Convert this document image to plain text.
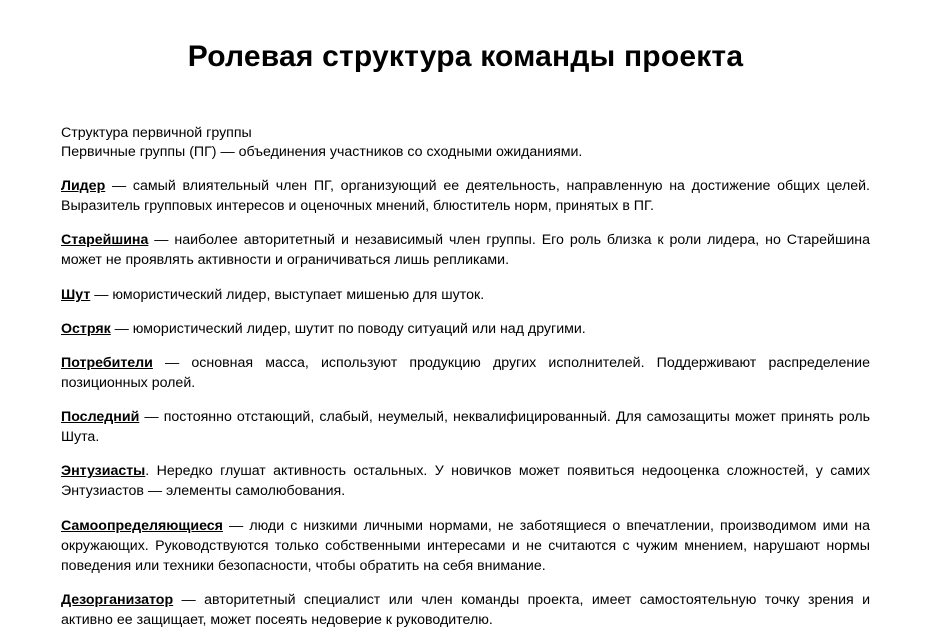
Ролевая структура команды проекта
Структура первичной группы
Первичные группы (ПГ) — объединения участников со сходными ожиданиями.

Лидер — самый влиятельный член ПГ, организующий ее деятельность, направленную на достижение общих целей. Выразитель групповых интересов и оценочных мнений, блюститель норм, принятых в ПГ.

Старейшина — наиболее авторитетный и независимый член группы. Его роль близка к роли лидера, но Старейшина может не проявлять активности и ограничиваться лишь репликами.

Шут — юмористический лидер, выступает мишенью для шуток.

Остряк — юмористический лидер, шутит по поводу ситуаций или над другими.

Потребители — основная масса, используют продукцию других исполнителей. Поддерживают распределение позиционных ролей.

Последний — постоянно отстающий, слабый, неумелый, неквалифицированный. Для самозащиты может принять роль Шута.

Энтузиасты. Нередко глушат активность остальных. У новичков может появиться недооценка сложностей, у самих Энтузиастов — элементы самолюбования.

Самоопределяющиеся — люди с низкими личными нормами, не заботящиеся о впечатлении, производимом ими на окружающих. Руководствуются только собственными интересами и не считаются с чужим мнением, нарушают нормы поведения или техники безопасности, чтобы обратить на себя внимание.

Дезорганизатор — авторитетный специалист или член команды проекта, имеет самостоятельную точку зрения и активно ее защищает, может посеять недоверие к руководителю.
